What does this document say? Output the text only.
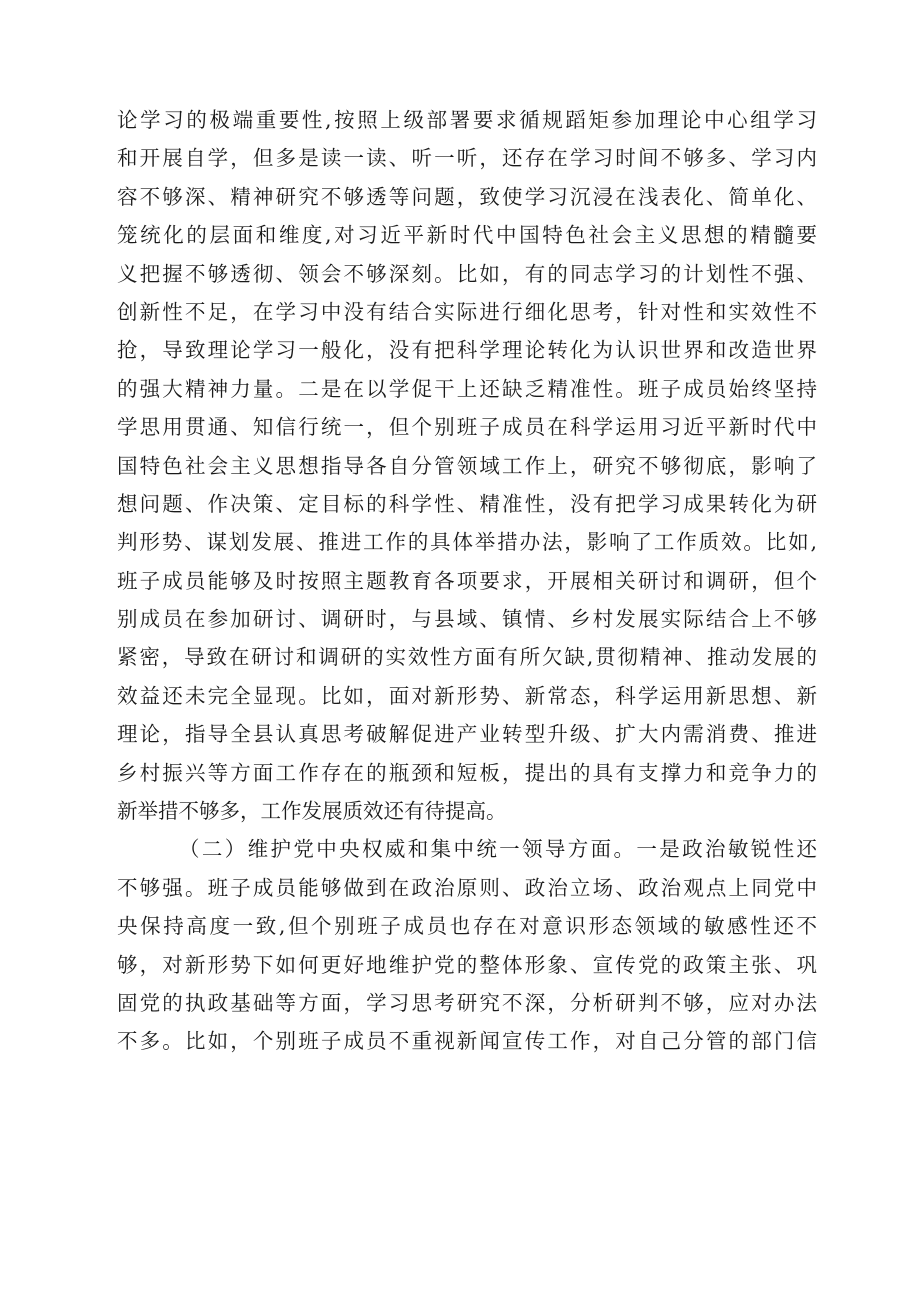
论学习的极端重要性,按照上级部署要求循规蹈矩参加理论中心组学习
和开展自学，但多是读一读、听一听，还存在学习时间不够多、学习内
容不够深、精神研究不够透等问题，致使学习沉浸在浅表化、简单化、
笼统化的层面和维度,对习近平新时代中国特色社会主义思想的精髓要
义把握不够透彻、领会不够深刻。比如，有的同志学习的计划性不强、
创新性不足，在学习中没有结合实际进行细化思考，针对性和实效性不
抢，导致理论学习一般化，没有把科学理论转化为认识世界和改造世界
的强大精神力量。二是在以学促干上还缺乏精准性。班子成员始终坚持
学思用贯通、知信行统一，但个别班子成员在科学运用习近平新时代中
国特色社会主义思想指导各自分管领域工作上，研究不够彻底，影响了
想问题、作决策、定目标的科学性、精准性，没有把学习成果转化为研
判形势、谋划发展、推进工作的具体举措办法，影响了工作质效。比如,
班子成员能够及时按照主题教育各项要求，开展相关研讨和调研，但个
别成员在参加研讨、调研时，与县域、镇情、乡村发展实际结合上不够
紧密，导致在研讨和调研的实效性方面有所欠缺,贯彻精神、推动发展的
效益还未完全显现。比如，面对新形势、新常态，科学运用新思想、新
理论，指导全县认真思考破解促进产业转型升级、扩大内需消费、推进
乡村振兴等方面工作存在的瓶颈和短板，提出的具有支撑力和竞争力的
新举措不够多，工作发展质效还有待提高。
（二）维护党中央权威和集中统一领导方面。一是政治敏锐性还
不够强。班子成员能够做到在政治原则、政治立场、政治观点上同党中
央保持高度一致,但个别班子成员也存在对意识形态领域的敏感性还不
够，对新形势下如何更好地维护党的整体形象、宣传党的政策主张、巩
固党的执政基础等方面，学习思考研究不深，分析研判不够，应对办法
不多。比如，个别班子成员不重视新闻宣传工作，对自己分管的部门信
